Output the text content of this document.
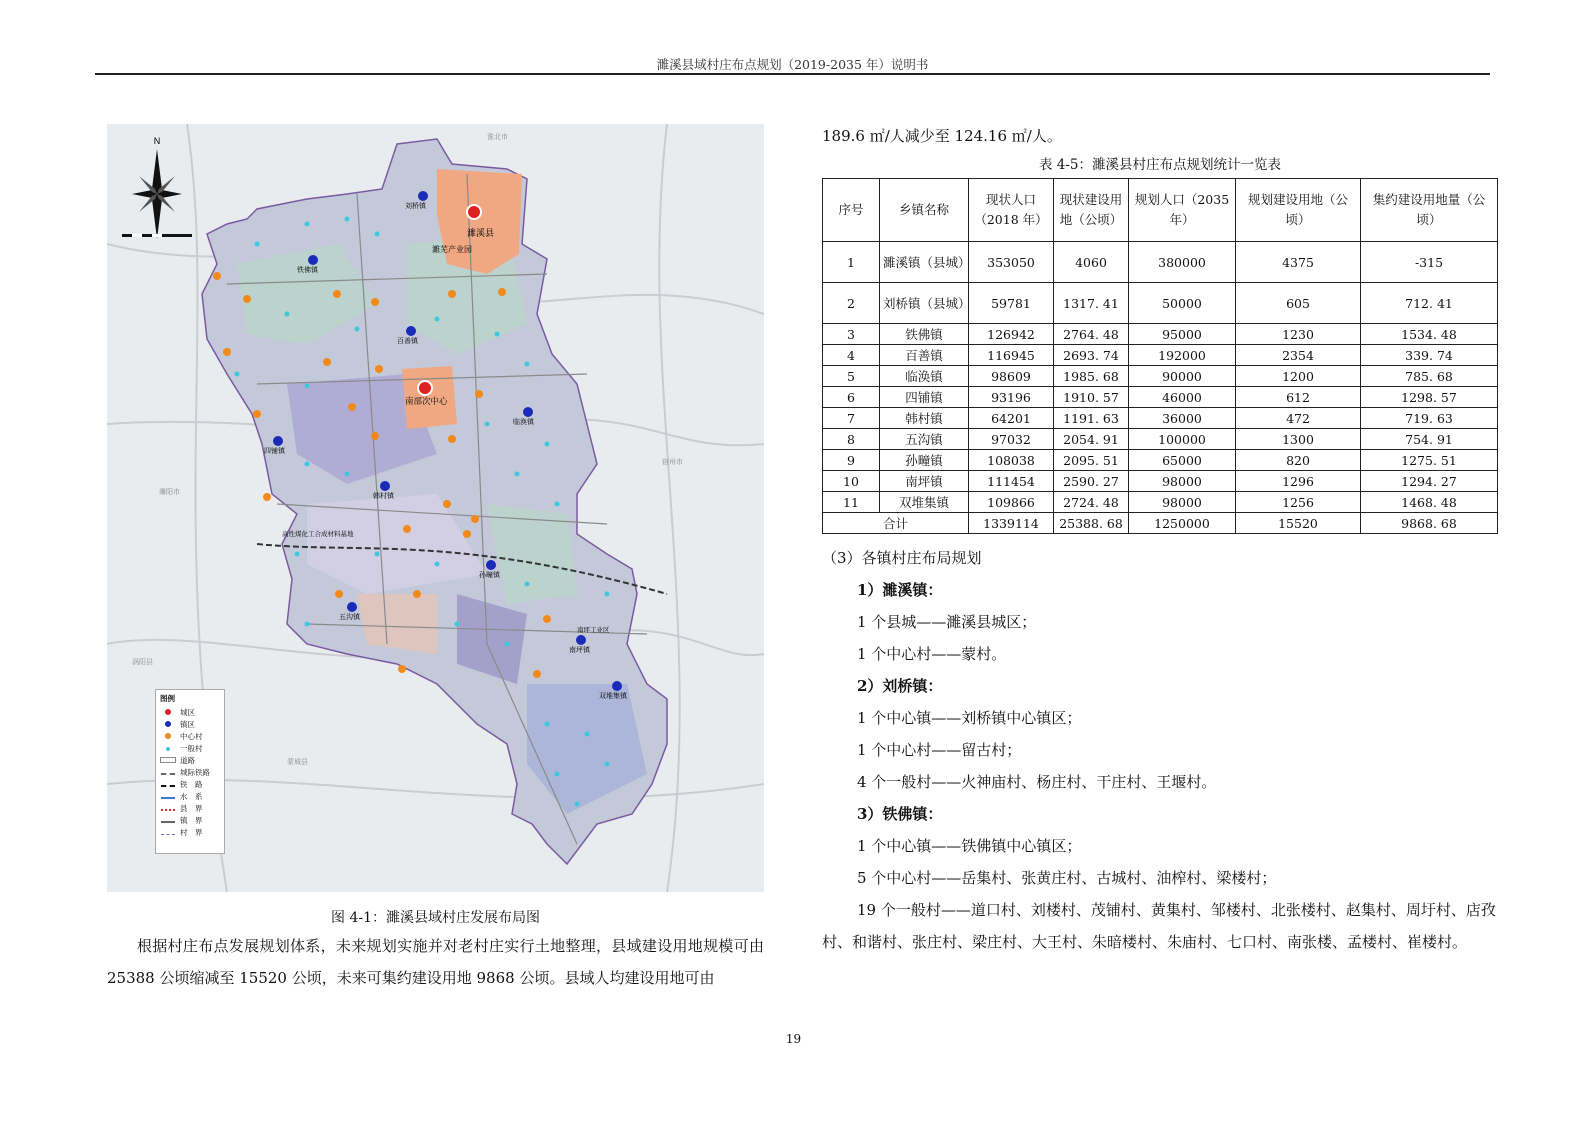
濉溪县域村庄布点规划（2019-2035 年）说明书
N
濉溪县
濉芜产业园
南部次中心
高性煤化工合成材料基地
南坪工业区
淮北市
宿州市
涡阳县
蒙城县
濉阳市
刘桥镇
铁佛镇
百善镇
临涣镇
四铺镇
韩村镇
孙疃镇
五沟镇
南坪镇
双堆集镇
图例
城区
镇区
中心村
一般村
道路
城际铁路
铁　路
水　系
县　界
镇　界
村　界
图 4-1：濉溪县域村庄发展布局图
根据村庄布点发展规划体系，未来规划实施并对老村庄实行土地整理，县域建设用地规模可由 25388 公顷缩减至 15520 公顷，未来可集约建设用地 9868 公顷。县域人均建设用地可由
189.6 ㎡/人减少至 124.16 ㎡/人。
表 4-5：濉溪县村庄布点规划统计一览表
序号	乡镇名称	现状人口（2018 年）	现状建设用地（公顷）	规划人口（2035 年）	规划建设用地（公顷）	集约建设用地量（公顷）
1	濉溪镇（县城）	353050	4060	380000	4375	-315
2	刘桥镇（县城）	59781	1317. 41	50000	605	712. 41
3	铁佛镇	126942	2764. 48	95000	1230	1534. 48
4	百善镇	116945	2693. 74	192000	2354	339. 74
5	临涣镇	98609	1985. 68	90000	1200	785. 68
6	四铺镇	93196	1910. 57	46000	612	1298. 57
7	韩村镇	64201	1191. 63	36000	472	719. 63
8	五沟镇	97032	2054. 91	100000	1300	754. 91
9	孙疃镇	108038	2095. 51	65000	820	1275. 51
10	南坪镇	111454	2590. 27	98000	1296	1294. 27
11	双堆集镇	109866	2724. 48	98000	1256	1468. 48
合计		1339114	25388. 68	1250000	15520	9868. 68

（3）各镇村庄布局规划

1）濉溪镇：

1 个县城——濉溪县城区；

1 个中心村——蒙村。

2）刘桥镇：

1 个中心镇——刘桥镇中心镇区；

1 个中心村——留古村；

4 个一般村——火神庙村、杨庄村、干庄村、王堰村。

3）铁佛镇：

1 个中心镇——铁佛镇中心镇区；

5 个中心村——岳集村、张黄庄村、古城村、油榨村、梁楼村；

19 个一般村——道口村、刘楼村、茂铺村、黄集村、邹楼村、北张楼村、赵集村、周圩村、店孜村、和谐村、张庄村、梁庄村、大王村、朱暗楼村、朱庙村、七口村、南张楼、孟楼村、崔楼村。

19
